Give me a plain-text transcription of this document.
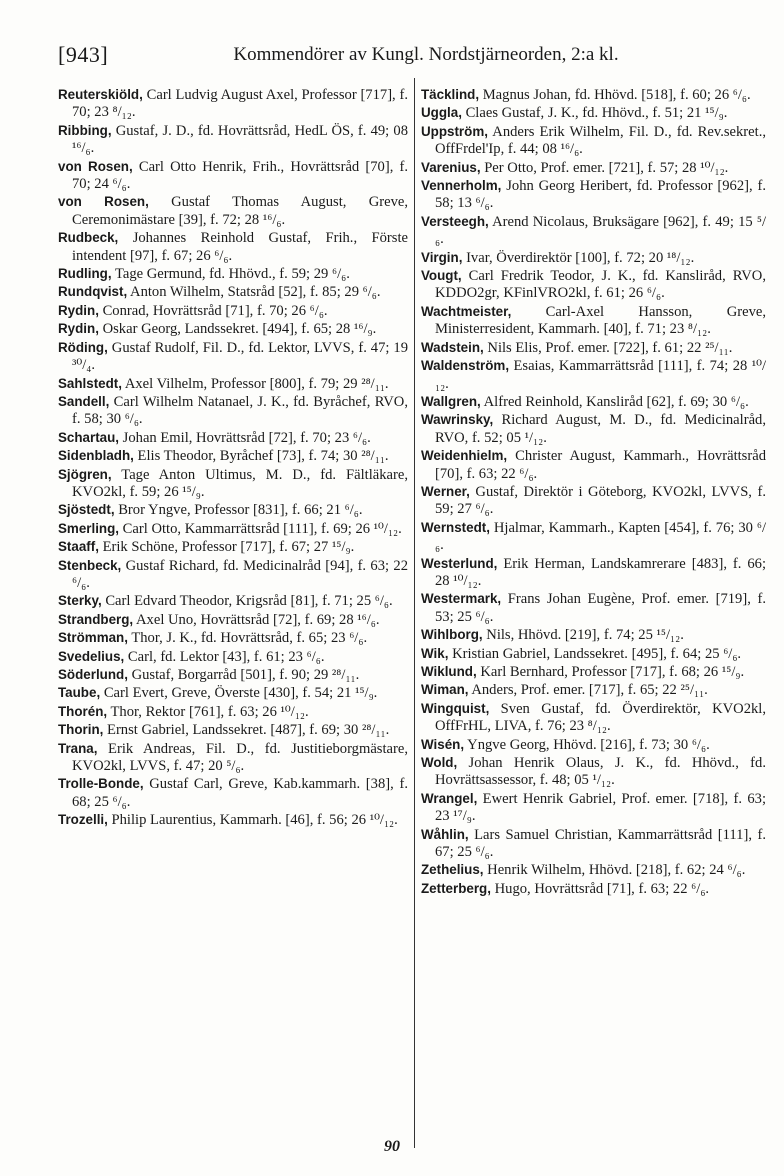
[943]	Kommendörer av Kungl. Nordstjärneorden, 2:a kl.

Reuterskiöld, Carl Ludvig August Axel, Professor [717], f. 70; 23 ⁸/₁₂.

Ribbing, Gustaf, J. D., fd. Hovrättsråd, HedL ÖS, f. 49; 08 ¹⁶/₆.

von Rosen, Carl Otto Henrik, Frih., Hovrättsråd [70], f. 70; 24 ⁶/₆.

von Rosen, Gustaf Thomas August, Greve, Ceremonimästare [39], f. 72; 28 ¹⁶/₆.

Rudbeck, Johannes Reinhold Gustaf, Frih., Förste intendent [97], f. 67; 26 ⁶/₆.

Rudling, Tage Germund, fd. Hhövd., f. 59; 29 ⁶/₆.

Rundqvist, Anton Wilhelm, Statsråd [52], f. 85; 29 ⁶/₆.

Rydin, Conrad, Hovrättsråd [71], f. 70; 26 ⁶/₆.

Rydin, Oskar Georg, Landssekret. [494], f. 65; 28 ¹⁶/₉.

Röding, Gustaf Rudolf, Fil. D., fd. Lektor, LVVS, f. 47; 19 ³⁰/₄.

Sahlstedt, Axel Vilhelm, Professor [800], f. 79; 29 ²⁸/₁₁.

Sandell, Carl Wilhelm Natanael, J. K., fd. Byråchef, RVO, f. 58; 30 ⁶/₆.

Schartau, Johan Emil, Hovrättsråd [72], f. 70; 23 ⁶/₆.

Sidenbladh, Elis Theodor, Byråchef [73], f. 74; 30 ²⁸/₁₁.

Sjögren, Tage Anton Ultimus, M. D., fd. Fältläkare, KVO2kl, f. 59; 26 ¹⁵/₉.

Sjöstedt, Bror Yngve, Professor [831], f. 66; 21 ⁶/₆.

Smerling, Carl Otto, Kammarrättsråd [111], f. 69; 26 ¹⁰/₁₂.

Staaff, Erik Schöne, Professor [717], f. 67; 27 ¹⁵/₉.

Stenbeck, Gustaf Richard, fd. Medicinalråd [94], f. 63; 22 ⁶/₆.

Sterky, Carl Edvard Theodor, Krigsråd [81], f. 71; 25 ⁶/₆.

Strandberg, Axel Uno, Hovrättsråd [72], f. 69; 28 ¹⁶/₆.

Strömman, Thor, J. K., fd. Hovrättsråd, f. 65; 23 ⁶/₆.

Svedelius, Carl, fd. Lektor [43], f. 61; 23 ⁶/₆.

Söderlund, Gustaf, Borgarråd [501], f. 90; 29 ²⁸/₁₁.

Taube, Carl Evert, Greve, Överste [430], f. 54; 21 ¹⁵/₉.

Thorén, Thor, Rektor [761], f. 63; 26 ¹⁰/₁₂.

Thorin, Ernst Gabriel, Landssekret. [487], f. 69; 30 ²⁸/₁₁.

Trana, Erik Andreas, Fil. D., fd. Justitieborgmästare, KVO2kl, LVVS, f. 47; 20 ⁵/₆.

Trolle-Bonde, Gustaf Carl, Greve, Kab.kammarh. [38], f. 68; 25 ⁶/₆.

Trozelli, Philip Laurentius, Kammarh. [46], f. 56; 26 ¹⁰/₁₂.

Täcklind, Magnus Johan, fd. Hhövd. [518], f. 60; 26 ⁶/₆.

Uggla, Claes Gustaf, J. K., fd. Hhövd., f. 51; 21 ¹⁵/₉.

Uppström, Anders Erik Wilhelm, Fil. D., fd. Rev.sekret., OffFrdel'Ip, f. 44; 08 ¹⁶/₆.

Varenius, Per Otto, Prof. emer. [721], f. 57; 28 ¹⁰/₁₂.

Vennerholm, John Georg Heribert, fd. Professor [962], f. 58; 13 ⁶/₆.

Versteegh, Arend Nicolaus, Bruksägare [962], f. 49; 15 ⁵/₆.

Virgin, Ivar, Överdirektör [100], f. 72; 20 ¹⁸/₁₂.

Vougt, Carl Fredrik Teodor, J. K., fd. Kansliråd, RVO, KDDO2gr, KFinlVRO2kl, f. 61; 26 ⁶/₆.

Wachtmeister, Carl-Axel Hansson, Greve, Ministerresident, Kammarh. [40], f. 71; 23 ⁸/₁₂.

Wadstein, Nils Elis, Prof. emer. [722], f. 61; 22 ²⁵/₁₁.

Waldenström, Esaias, Kammarrättsråd [111], f. 74; 28 ¹⁰/₁₂.

Wallgren, Alfred Reinhold, Kansliråd [62], f. 69; 30 ⁶/₆.

Wawrinsky, Richard August, M. D., fd. Medicinalråd, RVO, f. 52; 05 ¹/₁₂.

Weidenhielm, Christer August, Kammarh., Hovrättsråd [70], f. 63; 22 ⁶/₆.

Werner, Gustaf, Direktör i Göteborg, KVO2kl, LVVS, f. 59; 27 ⁶/₆.

Wernstedt, Hjalmar, Kammarh., Kapten [454], f. 76; 30 ⁶/₆.

Westerlund, Erik Herman, Landskamrerare [483], f. 66; 28 ¹⁰/₁₂.

Westermark, Frans Johan Eugène, Prof. emer. [719], f. 53; 25 ⁶/₆.

Wihlborg, Nils, Hhövd. [219], f. 74; 25 ¹⁵/₁₂.

Wik, Kristian Gabriel, Landssekret. [495], f. 64; 25 ⁶/₆.

Wiklund, Karl Bernhard, Professor [717], f. 68; 26 ¹⁵/₉.

Wiman, Anders, Prof. emer. [717], f. 65; 22 ²⁵/₁₁.

Wingquist, Sven Gustaf, fd. Överdirektör, KVO2kl, OffFrHL, LIVA, f. 76; 23 ⁸/₁₂.

Wisén, Yngve Georg, Hhövd. [216], f. 73; 30 ⁶/₆.

Wold, Johan Henrik Olaus, J. K., fd. Hhövd., fd. Hovrättsassessor, f. 48; 05 ¹/₁₂.

Wrangel, Ewert Henrik Gabriel, Prof. emer. [718], f. 63; 23 ¹⁷/₉.

Wåhlin, Lars Samuel Christian, Kammarrättsråd [111], f. 67; 25 ⁶/₆.

Zethelius, Henrik Wilhelm, Hhövd. [218], f. 62; 24 ⁶/₆.

Zetterberg, Hugo, Hovrättsråd [71], f. 63; 22 ⁶/₆.

90
